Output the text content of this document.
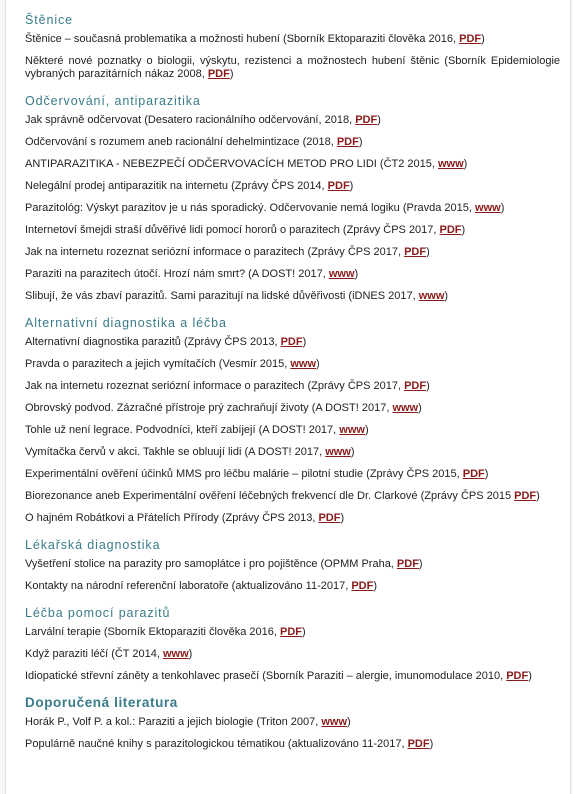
Štěnice
Štěnice – současná problematika a možnosti hubení (Sborník Ektoparaziti člověka 2016, PDF)
Některé nové poznatky o biologii, výskytu, rezistenci a možnostech hubení štěnic (Sborník Epidemiologie vybraných parazitárních nákaz 2008, PDF)
Odčervování, antiparazitika
Jak správně odčervovat (Desatero racionálního odčervování, 2018, PDF)
Odčervování s rozumem aneb racionální dehelmintizace (2018, PDF)
ANTIPARAZITIKA - NEBEZPEČÍ ODČERVOVACÍCH METOD PRO LIDI (ČT2 2015, www)
Nelegální prodej antiparazitik na internetu (Zprávy ČPS 2014, PDF)
Parazitológ: Výskyt parazitov je u nás sporadický. Odčervovanie nemá logiku (Pravda 2015, www)
Internetoví šmejdi straší důvěřivé lidi pomocí hororů o parazitech (Zprávy ČPS 2017, PDF)
Jak na internetu rozeznat seriózní informace o parazitech (Zprávy ČPS 2017, PDF)
Paraziti na parazitech útočí. Hrozí nám smrt? (A DOST! 2017, www)
Slibují, že vás zbaví parazitů. Sami parazitují na lidské důvěřivosti (iDNES 2017, www)
Alternativní diagnostika a léčba
Alternativní diagnostika parazitů (Zprávy ČPS 2013, PDF)
Pravda o parazitech a jejich vymítačích (Vesmír 2015, www)
Jak na internetu rozeznat seriózní informace o parazitech (Zprávy ČPS 2017, PDF)
Obrovský podvod. Zázračné přístroje prý zachraňují životy (A DOST! 2017, www)
Tohle už není legrace. Podvodníci, kteří zabíjejí (A DOST! 2017, www)
Vymítačka červů v akci. Takhle se obluují lidi (A DOST! 2017, www)
Experimentální ověření účinků MMS pro léčbu malárie – pilotní studie (Zprávy ČPS 2015, PDF)
Biorezonance aneb Experimentální ověření léčebných frekvencí dle Dr. Clarkové (Zprávy ČPS 2015 PDF)
O hajném Robátkovi a Přátelích Přírody (Zprávy ČPS 2013, PDF)
Lékařská diagnostika
Vyšetření stolice na parazity pro samoplátce i pro pojištěnce (OPMM Praha, PDF)
Kontakty na národní referenční laboratoře (aktualizováno 11-2017, PDF)
Léčba pomocí parazitů
Larvální terapie (Sborník Ektoparaziti člověka 2016, PDF)
Když paraziti léčí (ČT 2014, www)
Idiopatické střevní záněty a tenkohlavec prasečí (Sborník Paraziti – alergie, imunomodulace 2010, PDF)
Doporučená literatura
Horák P., Volf P. a kol.: Paraziti a jejich biologie (Triton 2007, www)
Populárně naučné knihy s parazitologickou tématikou (aktualizováno 11-2017, PDF)
